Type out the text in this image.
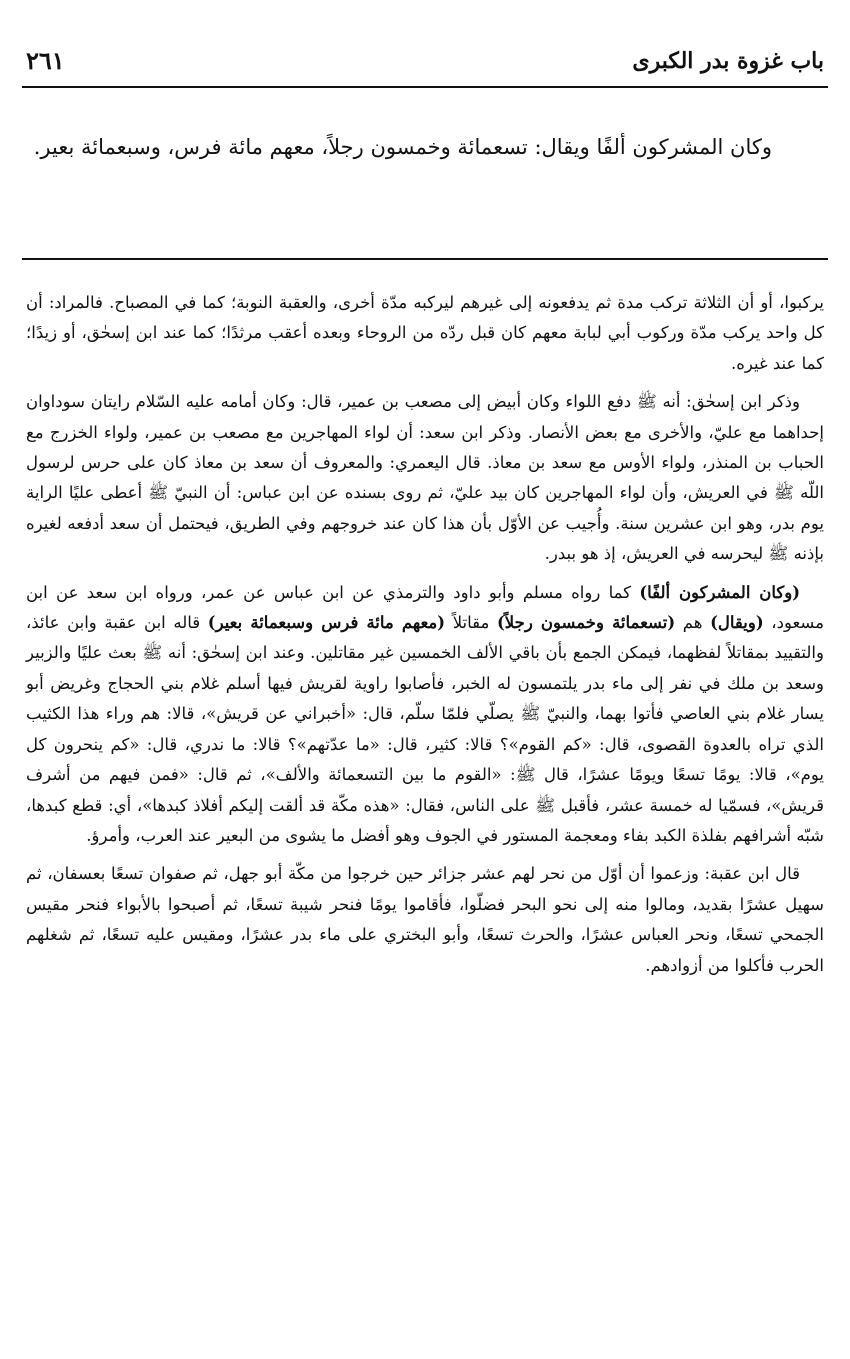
باب غزوة بدر الكبرى
٢٦١

وكان المشركون ألفًا ويقال: تسعمائة وخمسون رجلاً، معهم مائة فرس، وسبعمائة بعير.

يركبوا، أو أن الثلاثة تركب مدة ثم يدفعونه إلى غيرهم ليركبه مدّة أخرى، والعقبة النوبة؛ كما في المصباح. فالمراد: أن كل واحد يركب مدّة وركوب أبي لبابة معهم كان قبل ردّه من الروحاء وبعده أعقب مرثدًا؛ كما عند ابن إسحٰق، أو زيدًا؛ كما عند غيره.

وذكر ابن إسحٰق: أنه ﷺ دفع اللواء وكان أبيض إلى مصعب بن عمير، قال: وكان أمامه عليه السّلام رايتان سوداوان إحداهما مع عليّ، والأخرى مع بعض الأنصار. وذكر ابن سعد: أن لواء المهاجرين مع مصعب بن عمير، ولواء الخزرج مع الحباب بن المنذر، ولواء الأوس مع سعد بن معاذ. قال اليعمري: والمعروف أن سعد بن معاذ كان على حرس لرسول اللّه ﷺ في العريش، وأن لواء المهاجرين كان بيد عليّ، ثم روى بسنده عن ابن عباس: أن النبيّ ﷺ أعطى عليًا الراية يوم بدر، وهو ابن عشرين سنة. وأُجيب عن الأوّل بأن هذا كان عند خروجهم وفي الطريق، فيحتمل أن سعد أدفعه لغيره بإذنه ﷺ ليحرسه في العريش، إذ هو ببدر.

(وكان المشركون ألفًا) كما رواه مسلم وأبو داود والترمذي عن ابن عباس عن عمر، ورواه ابن سعد عن ابن مسعود، (ويقال) هم (تسعمائة وخمسون رجلاً) مقاتلاً (معهم مائة فرس وسبعمائة بعير) قاله ابن عقبة وابن عائذ، والتقييد بمقاتلاً لفظهما، فيمكن الجمع بأن باقي الألف الخمسين غير مقاتلين. وعند ابن إسحٰق: أنه ﷺ بعث عليًا والزبير وسعد بن ملك في نفر إلى ماء بدر يلتمسون له الخبر، فأصابوا راوية لقريش فيها أسلم غلام بني الحجاج وغريض أبو يسار غلام بني العاصي فأتوا بهما، والنبيّ ﷺ يصلّي فلمّا سلّم، قال: «أخبراني عن قريش»، قالا: هم وراء هذا الكثيب الذي تراه بالعدوة القصوى، قال: «كم القوم»؟ قالا: كثير، قال: «ما عدّتهم»؟ قالا: ما ندري، قال: «كم ينحرون كل يوم»، قالا: يومًا تسعًا ويومًا عشرًا، قال ﷺ: «القوم ما بين التسعمائة والألف»، ثم قال: «فمن فيهم من أشرف قريش»، فسمّيا له خمسة عشر، فأقبل ﷺ على الناس، فقال: «هذه مكّة قد ألقت إليكم أفلاذ كبدها»، أي: قطع كبدها، شبّه أشرافهم بفلذة الكبد بفاء ومعجمة المستور في الجوف وهو أفضل ما يشوى من البعير عند العرب، وأمرؤ.

قال ابن عقبة: وزعموا أن أوّل من نحر لهم عشر جزائر حين خرجوا من مكّة أبو جهل، ثم صفوان تسعًا بعسفان، ثم سهيل عشرًا بقديد، ومالوا منه إلى نحو البحر فضلّوا، فأقاموا يومًا فنحر شيبة تسعًا، ثم أصبحوا بالأبواء فنحر مقيس الجمحي تسعًا، ونحر العباس عشرًا، والحرث تسعًا، وأبو البختري على ماء بدر عشرًا، ومقيس عليه تسعًا، ثم شغلهم الحرب فأكلوا من أزوادهم.
